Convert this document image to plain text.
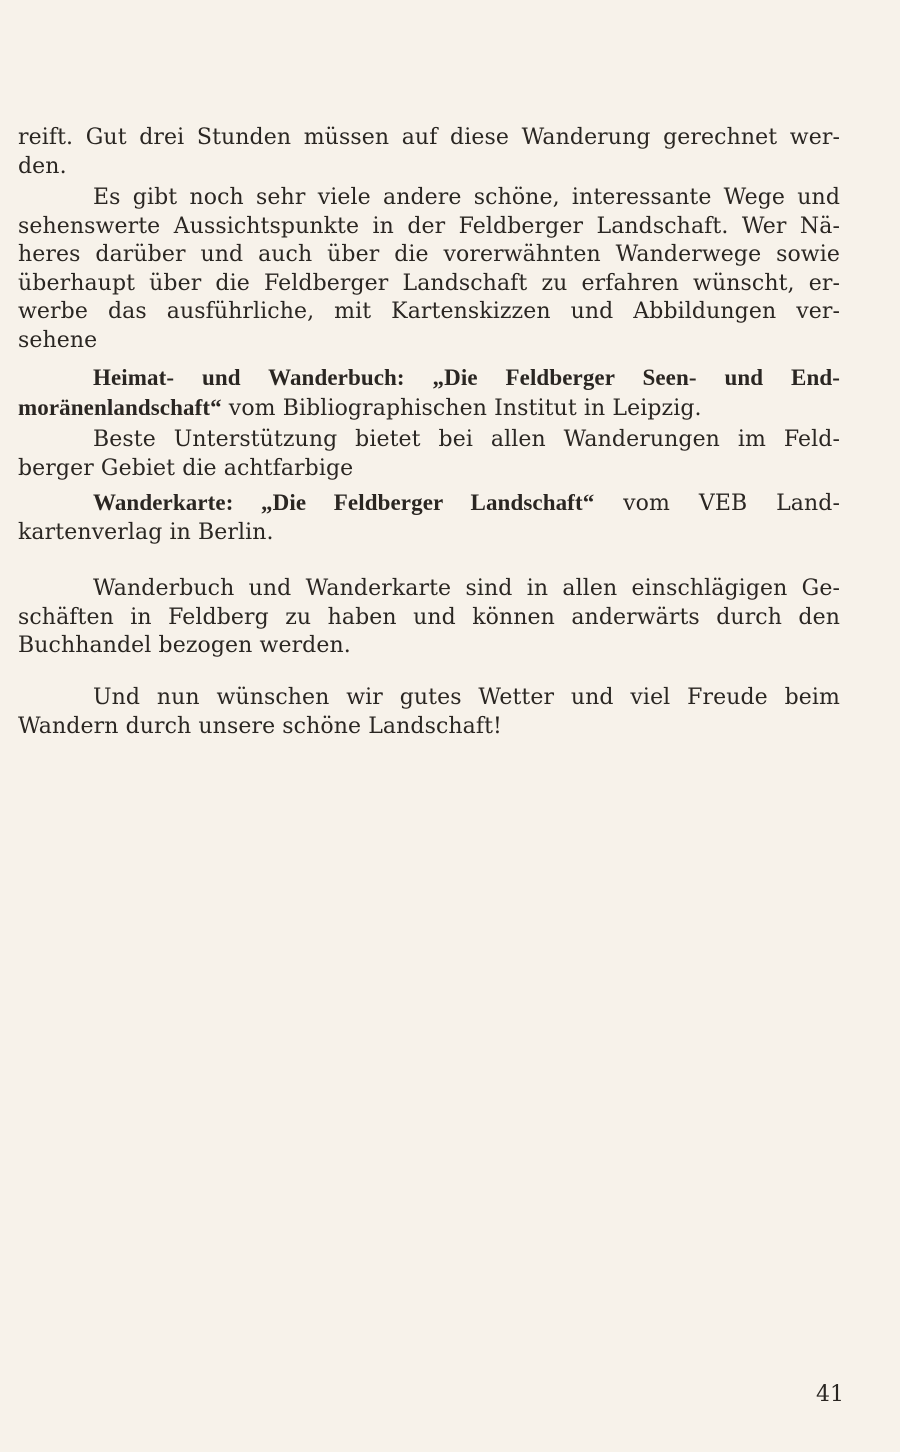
reift. Gut drei Stunden müssen auf diese Wanderung gerechnet wer-
den.
Es gibt noch sehr viele andere schöne, interessante Wege und
sehenswerte Aussichtspunkte in der Feldberger Landschaft. Wer Nä-
heres darüber und auch über die vorerwähnten Wanderwege sowie
überhaupt über die Feldberger Landschaft zu erfahren wünscht, er-
werbe das ausführliche, mit Kartenskizzen und Abbildungen ver-
sehene
Heimat- und Wanderbuch: „Die Feldberger Seen- und End-
moränenlandschaft“ vom Bibliographischen Institut in Leipzig.
Beste Unterstützung bietet bei allen Wanderungen im Feld-
berger Gebiet die achtfarbige
Wanderkarte: „Die Feldberger Landschaft“ vom VEB Land-
kartenverlag in Berlin.
Wanderbuch und Wanderkarte sind in allen einschlägigen Ge-
schäften in Feldberg zu haben und können anderwärts durch den
Buchhandel bezogen werden.
Und nun wünschen wir gutes Wetter und viel Freude beim
Wandern durch unsere schöne Landschaft!
41
